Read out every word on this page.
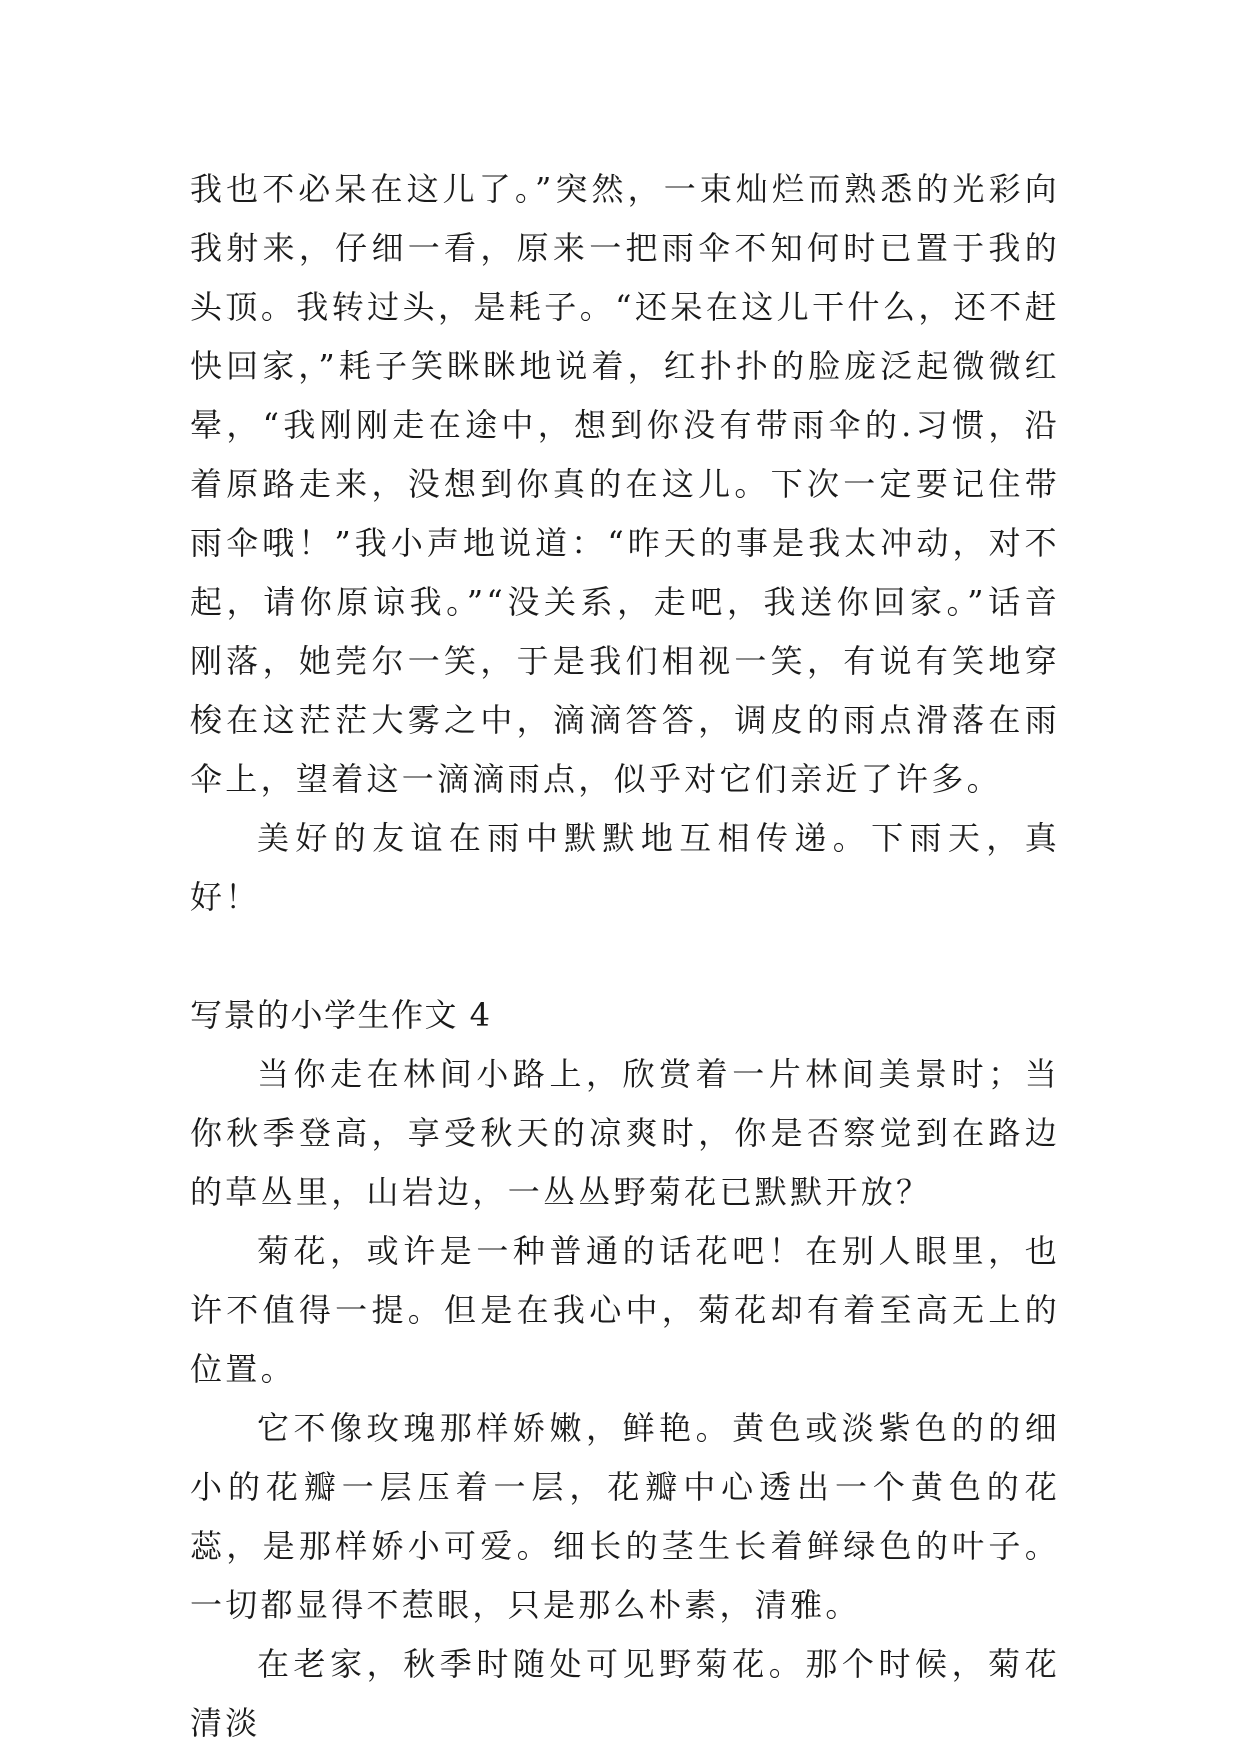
我也不必呆在这儿了。”突然，一束灿烂而熟悉的光彩向我射来，仔细一看，原来一把雨伞不知何时已置于我的头顶。我转过头，是耗子。“还呆在这儿干什么，还不赶快回家，”耗子笑眯眯地说着，红扑扑的脸庞泛起微微红晕，“我刚刚走在途中，想到你没有带雨伞的.习惯，沿着原路走来，没想到你真的在这儿。下次一定要记住带雨伞哦！”我小声地说道：“昨天的事是我太冲动，对不起，请你原谅我。”“没关系，走吧，我送你回家。”话音刚落，她莞尔一笑，于是我们相视一笑，有说有笑地穿梭在这茫茫大雾之中，滴滴答答，调皮的雨点滑落在雨伞上，望着这一滴滴雨点，似乎对它们亲近了许多。

美好的友谊在雨中默默地互相传递。下雨天，真好！

写景的小学生作文 4

当你走在林间小路上，欣赏着一片林间美景时；当你秋季登高，享受秋天的凉爽时，你是否察觉到在路边的草丛里，山岩边，一丛丛野菊花已默默开放？

菊花，或许是一种普通的话花吧！在别人眼里，也许不值得一提。但是在我心中，菊花却有着至高无上的位置。

它不像玫瑰那样娇嫩，鲜艳。黄色或淡紫色的的细小的花瓣一层压着一层，花瓣中心透出一个黄色的花蕊，是那样娇小可爱。细长的茎生长着鲜绿色的叶子。一切都显得不惹眼，只是那么朴素，清雅。

在老家，秋季时随处可见野菊花。那个时候，菊花清淡
